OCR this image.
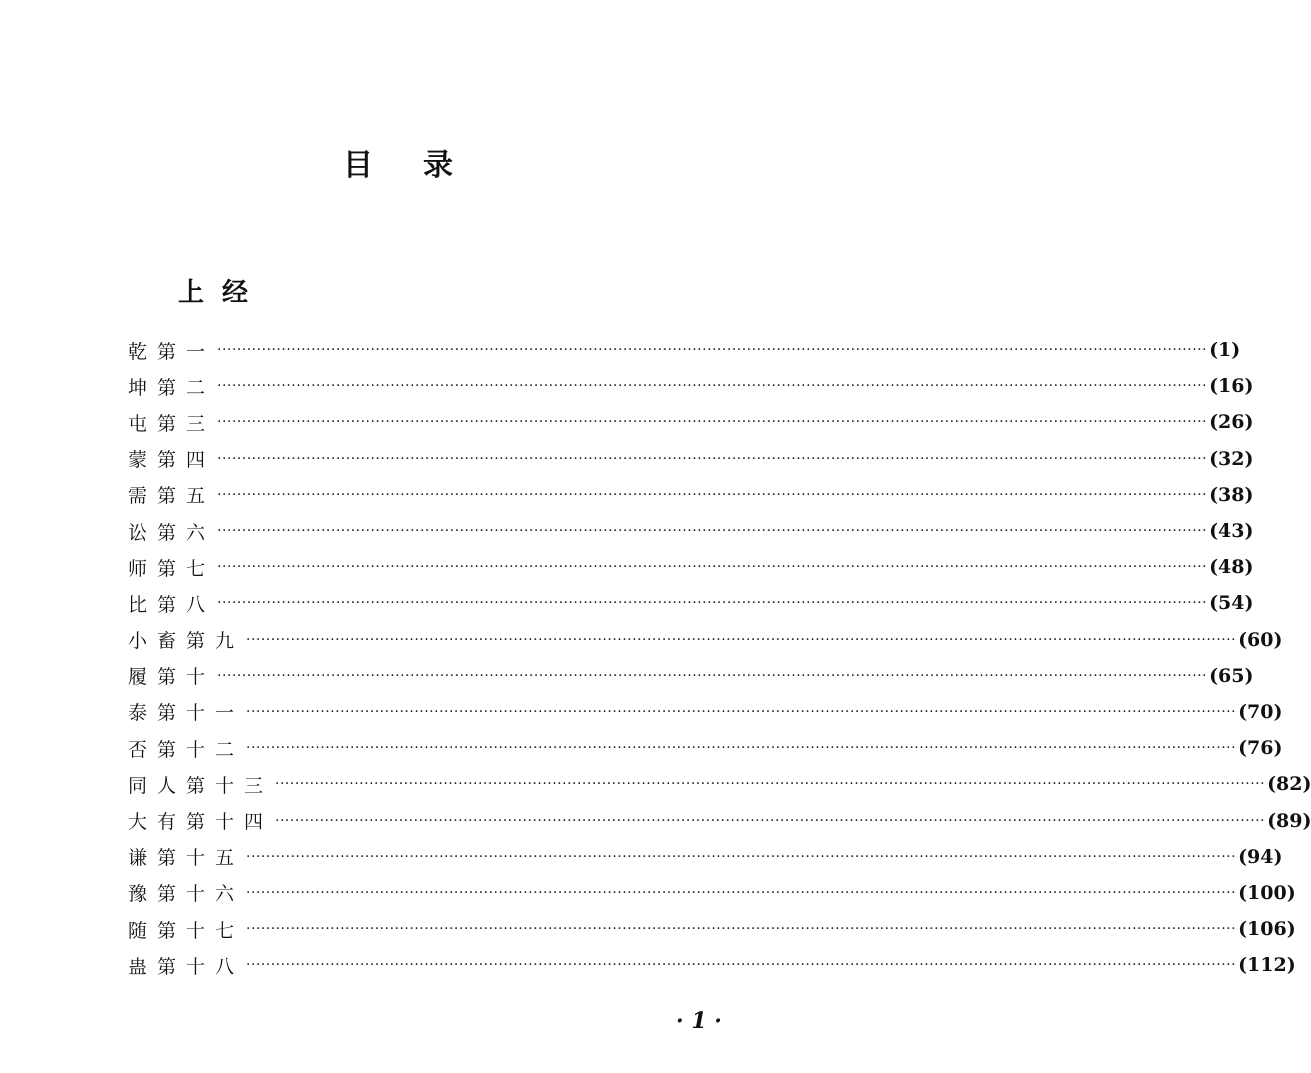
目录
上经
乾第一 ········································································································································································································ (1)
坤第二 ········································································································································································································ (16)
屯第三 ········································································································································································································ (26)
蒙第四 ········································································································································································································ (32)
需第五 ········································································································································································································ (38)
讼第六 ········································································································································································································ (43)
师第七 ········································································································································································································ (48)
比第八 ········································································································································································································ (54)
小畜第九 ········································································································································································································ (60)
履第十 ········································································································································································································ (65)
泰第十一 ········································································································································································································ (70)
否第十二 ········································································································································································································ (76)
同人第十三 ········································································································································································································ (82)
大有第十四 ········································································································································································································ (89)
谦第十五 ········································································································································································································ (94)
豫第十六 ········································································································································································································ (100)
随第十七 ········································································································································································································ (106)
蛊第十八 ········································································································································································································ (112)
· 1 ·
